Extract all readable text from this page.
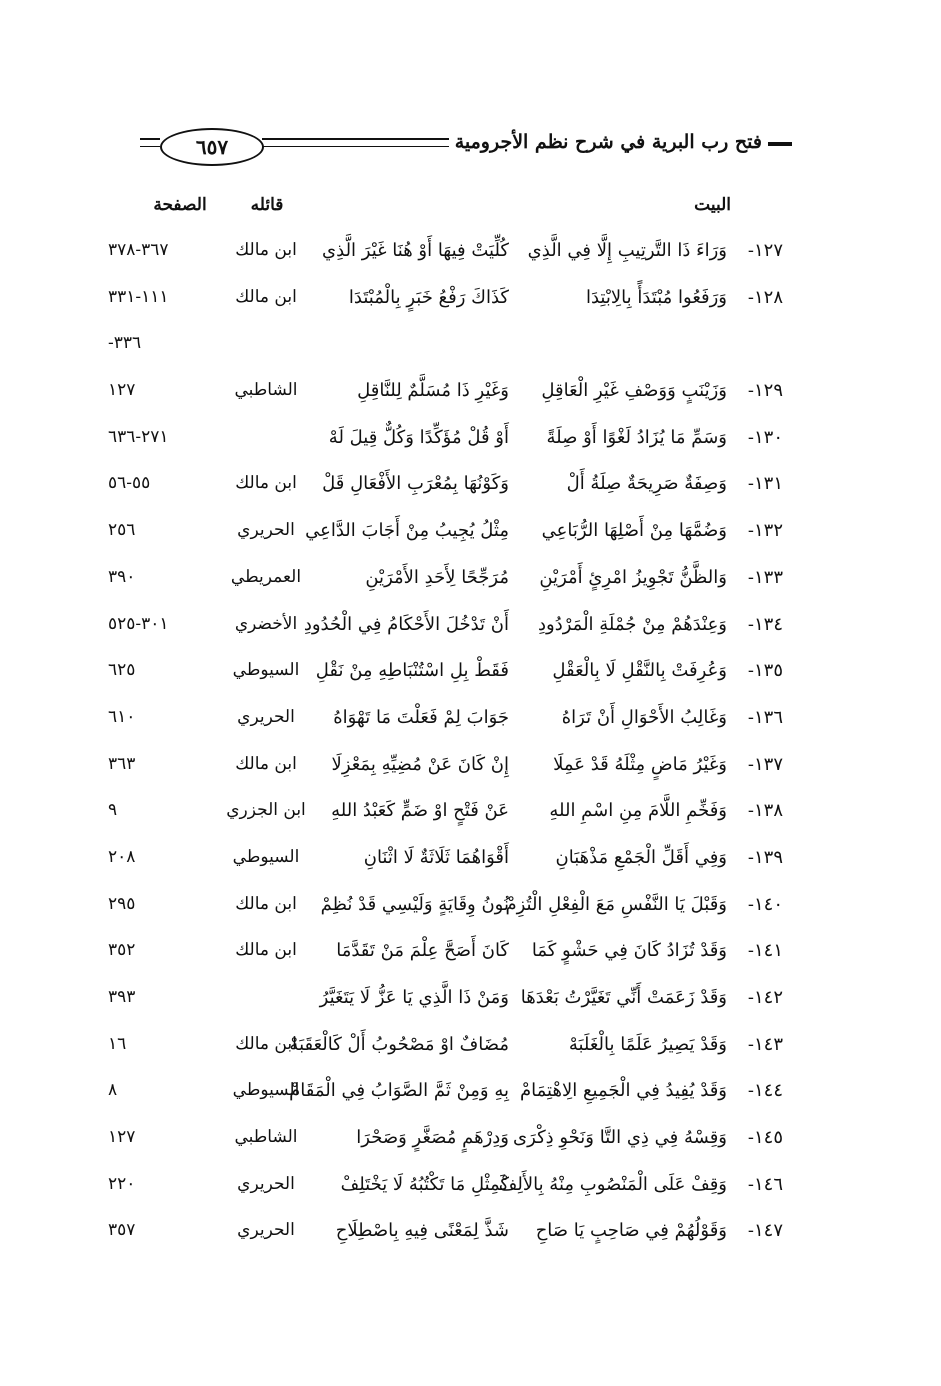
٦٥٧	فتح رب البرية في شرح نظم الأجرومية
البيت
قائله
الصفحة
١٢٧-
وَرَاءَ ذَا التَّرتِيبِ إِلَّا فِي الَّذِي
كُلِّيَتْ فِيهَا أَوْ هُنَا غَيْرَ الَّذِي
ابن مالك
٣٦٧-٣٧٨
١٢٨-
وَرَفَعُوا مُبْتَدَأً بِالِابْتِدَا
كَذَاكَ رَفْعُ خَبَرٍ بِالْمُبْتَدَا
ابن مالك
١١١-٣٣١
-٣٣٦
١٢٩-
وَزَيْنَبٍ وَوَصْفِ غَيْرِ الْعَاقِلِ
وَغَيْرِ ذَا مُسَلَّمٌ لِلنَّاقِلِ
الشاطبي
١٢٧
١٣٠-
وَسَمِّ مَا يُزَادُ لَغْوًا أَوْ صِلَةً
أَوْ قُلْ مُؤَكِّدًا وَكُلٌّ قِيلَ لَهْ
٢٧١-٦٣٦
١٣١-
وَصِفَةٌ صَرِيحَةٌ صِلَةُ أَلْ
وَكَوْنُهَا بِمُعْرَبِ الأَفْعَالِ قَلْ
ابن مالك
٥٥-٥٦
١٣٢-
وَضُمَّهَا مِنْ أَصْلِهَا الرُّبَاعِي
مِثْلُ يُجِيبُ مِنْ أَجَابَ الدَّاعِي
الحريري
٢٥٦
١٣٣-
وَالظَّنُّ تَجْوِيزُ امْرِئٍ أَمْرَيْنِ
مُرَجِّحًا لِأَحَدِ الأَمْرَيْنِ
العمريطي
٣٩٠
١٣٤-
وَعِنْدَهُمْ مِنْ جُمْلَةِ الْمَرْدُودِ
أَنْ تَدْخُلَ الأَحْكَامُ فِي الْحُدُودِ
الأخضري
٣٠١-٥٢٥
١٣٥-
وَعُرِفَتْ بِالنَّقْلِ لَا بِالْعَقْلِ
فَقَطْ بِلِ اسْتُنْبَاطِهِ مِنْ نَقْلِ
السيوطي
٦٢٥
١٣٦-
وَغَالِبُ الأَحْوَالِ أَنْ تَرَاهُ
جَوَابَ لِمْ فَعَلْتَ مَا تَهْوَاهُ
الحريري
٦١٠
١٣٧-
وَغَيْرُ مَاضٍ مِثْلَهُ قَدْ عَمِلَا
إِنْ كَانَ عَنْ مُضِيِّهِ بِمَعْزِلَا
ابن مالك
٣٦٣
١٣٨-
وَفَخِّمِ اللَّامَ مِنِ اسْمِ اللهِ
عَنْ فَتْحٍ اوْ ضَمٍّ كَعَبْدُ اللهِ
ابن الجزري
٩
١٣٩-
وَفِي أَقَلِّ الْجَمْعِ مَذْهَبَانِ
أَقْوَاهُمَا ثَلَاثَةٌ لَا اثْنَانِ
السيوطي
٢٠٨
١٤٠-
وَقَبْلَ يَا النَّفْسِ مَعَ الْفِعْلِ الْتُزِمْ
نُونُ وِقَايَةٍ وَلَيْسِي قَدْ نُظِمْ
ابن مالك
٢٩٥
١٤١-
وَقَدْ تُزَادُ كَانَ فِي حَشْوٍ كَمَا
كَانَ أَصَحَّ عِلْمَ مَنْ تَقَدَّمَا
ابن مالك
٣٥٢
١٤٢-
وَقَدْ زَعَمَتْ أَنِّي تَغَيَّرْتُ بَعْدَهَا
وَمَنْ ذَا الَّذِي يَا عَزُّ لَا يَتَغَيَّرُ
٣٩٣
١٤٣-
وَقَدْ يَصِيرُ عَلَمًا بِالْغَلَبَهْ
مُضَافٌ اوْ مَصْحُوبُ أَلْ كَالْعَقَبَهْ
ابن مالك
١٦
١٤٤-
وَقَدْ يُفِيدُ فِي الْجَمِيعِ الِاهْتِمَامْ
بِهِ وَمِنْ ثَمَّ الصَّوَابُ فِي الْمَقَامْ
السيوطي
٨
١٤٥-
وَقِسْهُ فِي ذِي التَّا وَنَحْوِ ذِكْرَى
وَدِرْهَمٍ مُصَغَّرٍ وَصَحْرَا
الشاطبي
١٢٧
١٤٦-
وَقِفْ عَلَى الْمَنْصُوبِ مِنْهُ بِالأَلِفْ
كَمِثْلِ مَا تَكْتُبُهُ لَا يَخْتَلِفْ
الحريري
٢٢٠
١٤٧-
وَقَوْلُهُمْ فِي صَاحِبٍ يَا صَاحِ
شَذَّ لِمَعْنًى فِيهِ بِاصْطِلَاحِ
الحريري
٣٥٧
